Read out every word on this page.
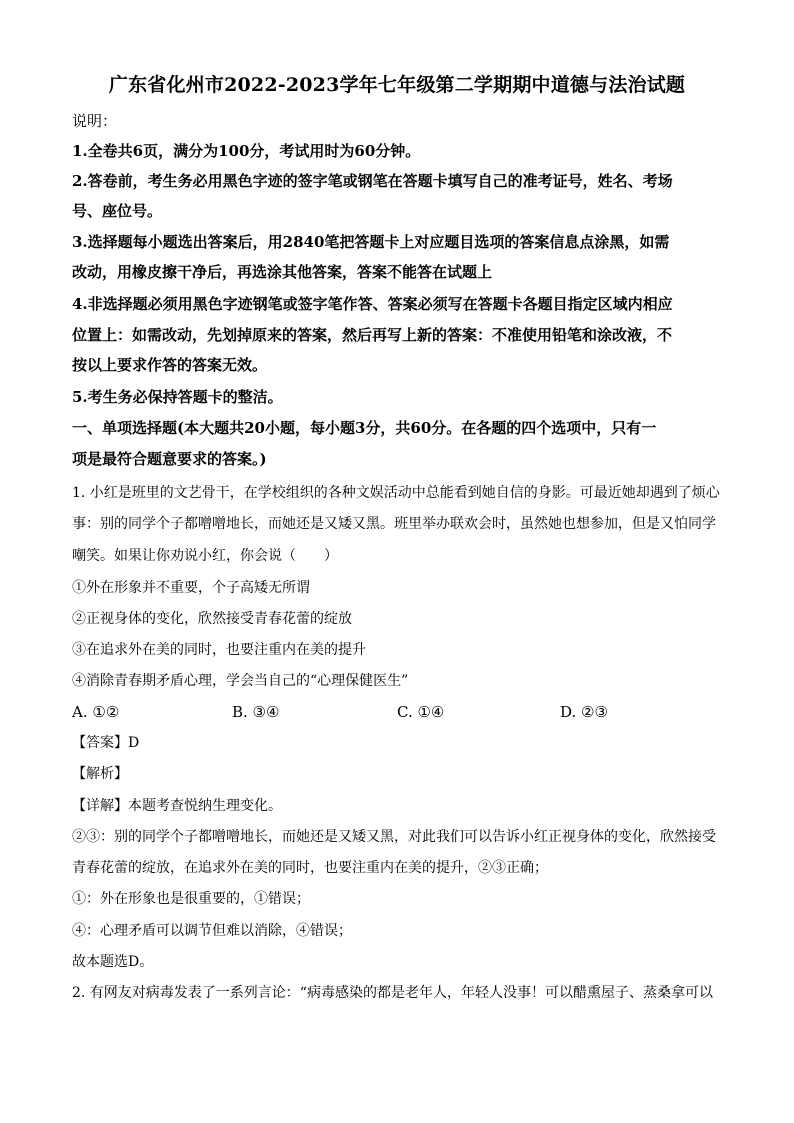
广东省化州市2022-2023学年七年级第二学期期中道德与法治试题
说明：
1.全卷共6页，满分为100分，考试用时为60分钟。
2.答卷前，考生务必用黑色字迹的签字笔或钢笔在答题卡填写自己的准考证号，姓名、考场
号、座位号。
3.选择题每小题选出答案后，用2840笔把答题卡上对应题目选项的答案信息点涂黑，如需
改动，用橡皮擦干净后，再选涂其他答案，答案不能答在试题上
4.非选择题必须用黑色字迹钢笔或签字笔作答、答案必须写在答题卡各题目指定区域内相应
位置上：如需改动，先划掉原来的答案，然后再写上新的答案：不准使用铅笔和涂改液，不
按以上要求作答的答案无效。
5.考生务必保持答题卡的整洁。
一、单项选择题(本大题共20小题，每小题3分，共60分。在各题的四个选项中，只有一
项是最符合题意要求的答案。)
1. 小红是班里的文艺骨干，在学校组织的各种文娱活动中总能看到她自信的身影。可最近她却遇到了烦心
事：别的同学个子都噌噌地长，而她还是又矮又黑。班里举办联欢会时，虽然她也想参加，但是又怕同学
嘲笑。如果让你劝说小红，你会说（　　）
①外在形象并不重要，个子高矮无所谓
②正视身体的变化，欣然接受青春花蕾的绽放
③在追求外在美的同时，也要注重内在美的提升
④消除青春期矛盾心理，学会当自己的“心理保健医生”
A. ①②	B. ③④	C. ①④	D. ②③
【答案】D
【解析】
【详解】本题考查悦纳生理变化。
②③：别的同学个子都噌噌地长，而她还是又矮又黑，对此我们可以告诉小红正视身体的变化，欣然接受
青春花蕾的绽放，在追求外在美的同时，也要注重内在美的提升，②③正确；
①：外在形象也是很重要的，①错误；
④：心理矛盾可以调节但难以消除，④错误；
故本题选D。
2. 有网友对病毒发表了一系列言论：“病毒感染的都是老年人，年轻人没事！可以醋熏屋子、蒸桑拿可以
